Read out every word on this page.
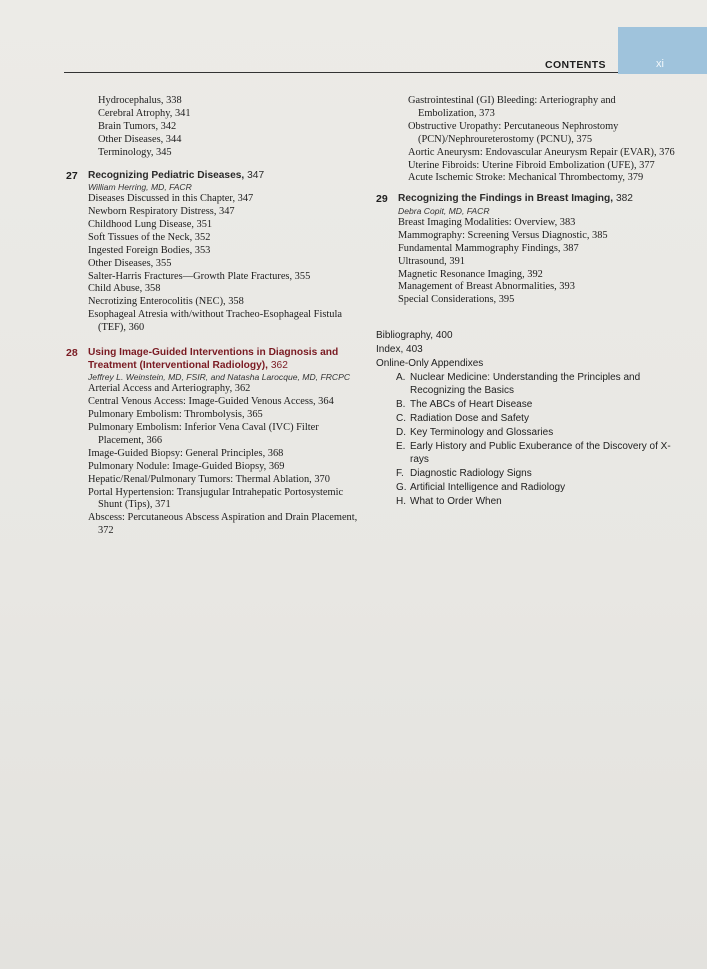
xi
CONTENTS
Hydrocephalus, 338
Cerebral Atrophy, 341
Brain Tumors, 342
Other Diseases, 344
Terminology, 345
27 Recognizing Pediatric Diseases, 347
William Herring, MD, FACR
Diseases Discussed in this Chapter, 347
Newborn Respiratory Distress, 347
Childhood Lung Disease, 351
Soft Tissues of the Neck, 352
Ingested Foreign Bodies, 353
Other Diseases, 355
Salter-Harris Fractures—Growth Plate Fractures, 355
Child Abuse, 358
Necrotizing Enterocolitis (NEC), 358
Esophageal Atresia with/without Tracheo-Esophageal Fistula (TEF), 360
28 Using Image-Guided Interventions in Diagnosis and Treatment (Interventional Radiology), 362
Jeffrey L. Weinstein, MD, FSIR, and Natasha Larocque, MD, FRCPC
Arterial Access and Arteriography, 362
Central Venous Access: Image-Guided Venous Access, 364
Pulmonary Embolism: Thrombolysis, 365
Pulmonary Embolism: Inferior Vena Caval (IVC) Filter Placement, 366
Image-Guided Biopsy: General Principles, 368
Pulmonary Nodule: Image-Guided Biopsy, 369
Hepatic/Renal/Pulmonary Tumors: Thermal Ablation, 370
Portal Hypertension: Transjugular Intrahepatic Portosystemic Shunt (Tips), 371
Abscess: Percutaneous Abscess Aspiration and Drain Placement, 372
Gastrointestinal (GI) Bleeding: Arteriography and Embolization, 373
Obstructive Uropathy: Percutaneous Nephrostomy (PCN)/Nephroureterostomy (PCNU), 375
Aortic Aneurysm: Endovascular Aneurysm Repair (EVAR), 376
Uterine Fibroids: Uterine Fibroid Embolization (UFE), 377
Acute Ischemic Stroke: Mechanical Thrombectomy, 379
29 Recognizing the Findings in Breast Imaging, 382
Debra Copit, MD, FACR
Breast Imaging Modalities: Overview, 383
Mammography: Screening Versus Diagnostic, 385
Fundamental Mammography Findings, 387
Ultrasound, 391
Magnetic Resonance Imaging, 392
Management of Breast Abnormalities, 393
Special Considerations, 395
Bibliography, 400
Index, 403
Online-Only Appendixes
A. Nuclear Medicine: Understanding the Principles and Recognizing the Basics
B. The ABCs of Heart Disease
C. Radiation Dose and Safety
D. Key Terminology and Glossaries
E. Early History and Public Exuberance of the Discovery of X-rays
F. Diagnostic Radiology Signs
G. Artificial Intelligence and Radiology
H. What to Order When
